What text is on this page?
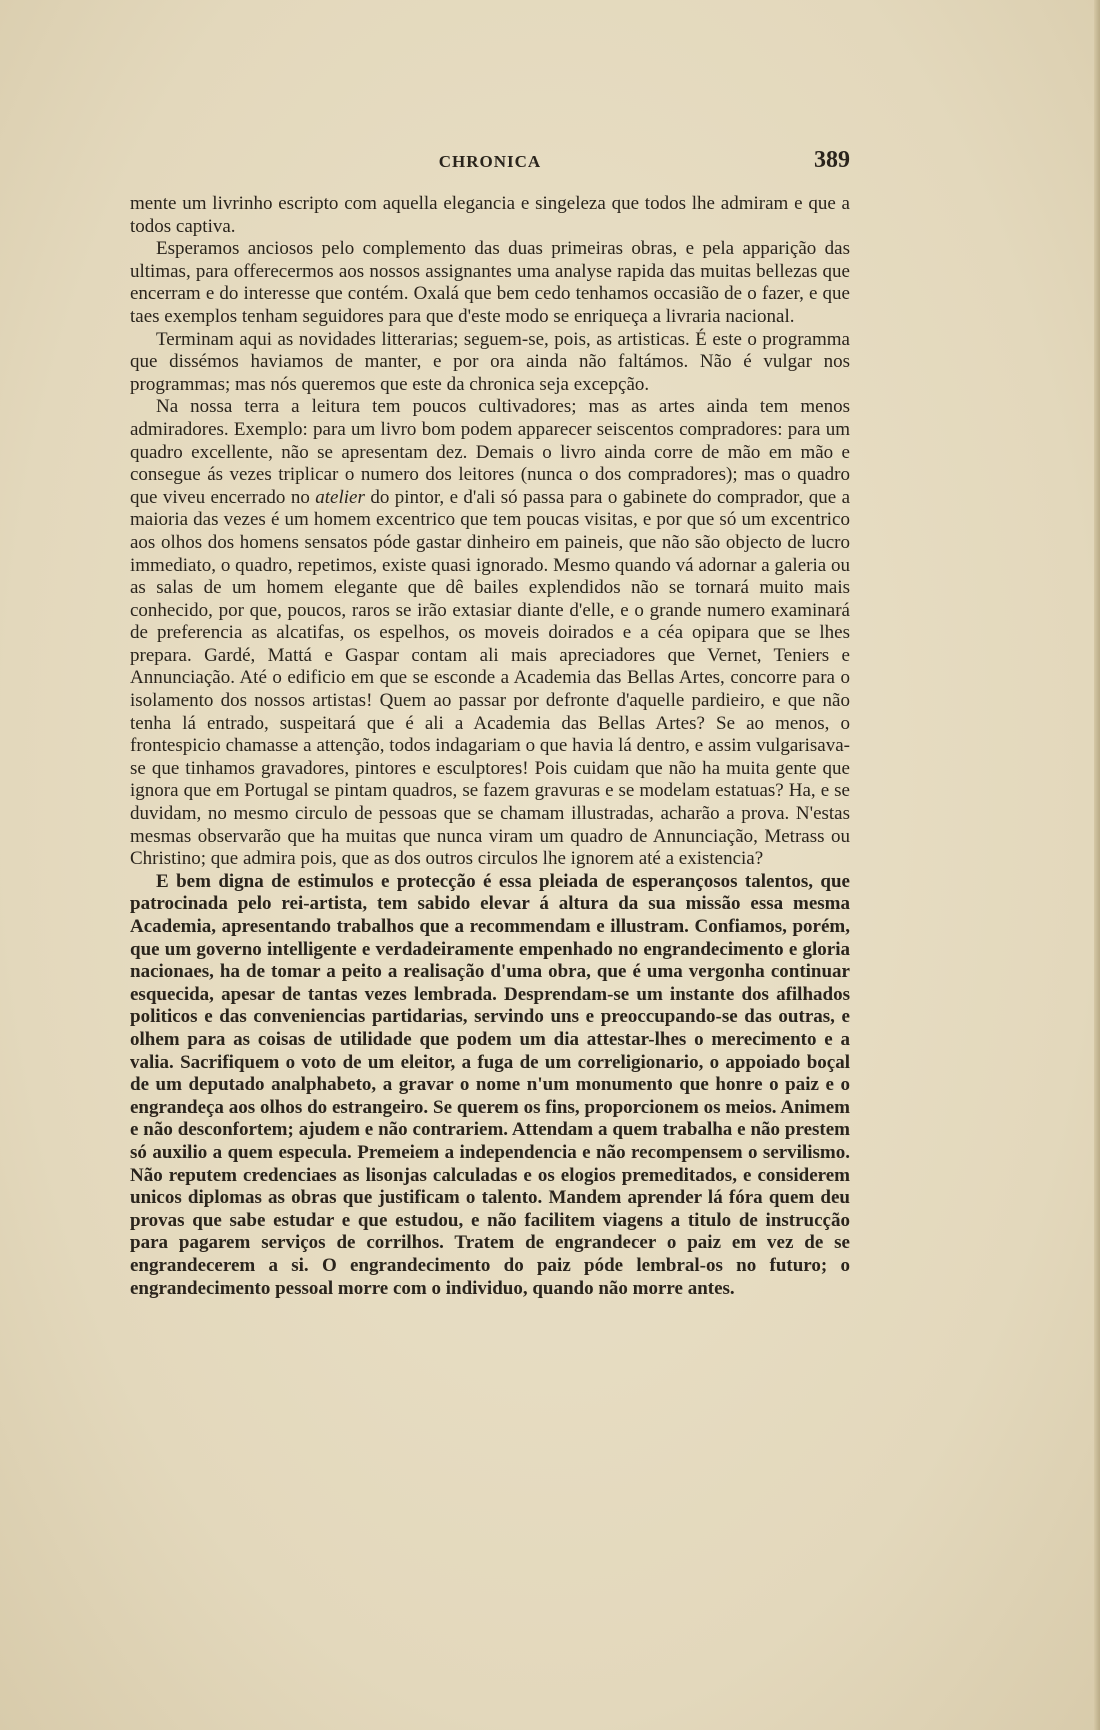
CHRONICA	389

mente um livrinho escripto com aquella elegancia e singeleza que todos lhe admiram e que a todos captiva.

Esperamos anciosos pelo complemento das duas primeiras obras, e pela apparição das ultimas, para offerecermos aos nossos assignantes uma analyse rapida das muitas bellezas que encerram e do interesse que contém. Oxalá que bem cedo tenhamos occasião de o fazer, e que taes exemplos tenham seguidores para que d'este modo se enriqueça a livraria nacional.

Terminam aqui as novidades litterarias; seguem-se, pois, as artisticas. É este o programma que dissémos haviamos de manter, e por ora ainda não faltámos. Não é vulgar nos programmas; mas nós queremos que este da chronica seja excepção.

Na nossa terra a leitura tem poucos cultivadores; mas as artes ainda tem menos admiradores. Exemplo: para um livro bom podem apparecer seiscentos compradores: para um quadro excellente, não se apresentam dez. Demais o livro ainda corre de mão em mão e consegue ás vezes triplicar o numero dos leitores (nunca o dos compradores); mas o quadro que viveu encerrado no atelier do pintor, e d'ali só passa para o gabinete do comprador, que a maioria das vezes é um homem excentrico que tem poucas visitas, e por que só um excentrico aos olhos dos homens sensatos póde gastar dinheiro em paineis, que não são objecto de lucro immediato, o quadro, repetimos, existe quasi ignorado. Mesmo quando vá adornar a galeria ou as salas de um homem elegante que dê bailes explendidos não se tornará muito mais conhecido, por que, poucos, raros se irão extasiar diante d'elle, e o grande numero examinará de preferencia as alcatifas, os espelhos, os moveis doirados e a céa opipara que se lhes prepara. Gardé, Mattá e Gaspar contam ali mais apreciadores que Vernet, Teniers e Annunciação. Até o edificio em que se esconde a Academia das Bellas Artes, concorre para o isolamento dos nossos artistas! Quem ao passar por defronte d'aquelle pardieiro, e que não tenha lá entrado, suspeitará que é ali a Academia das Bellas Artes? Se ao menos, o frontespicio chamasse a attenção, todos indagariam o que havia lá dentro, e assim vulgarisava-se que tinhamos gravadores, pintores e esculptores! Pois cuidam que não ha muita gente que ignora que em Portugal se pintam quadros, se fazem gravuras e se modelam estatuas? Ha, e se duvidam, no mesmo circulo de pessoas que se chamam illustradas, acharão a prova. N'estas mesmas observarão que ha muitas que nunca viram um quadro de Annunciação, Metrass ou Christino; que admira pois, que as dos outros circulos lhe ignorem até a existencia?

E bem digna de estimulos e protecção é essa pleiada de esperançosos talentos, que patrocinada pelo rei-artista, tem sabido elevar á altura da sua missão essa mesma Academia, apresentando trabalhos que a recommendam e illustram. Confiamos, porém, que um governo intelligente e verdadeiramente empenhado no engrandecimento e gloria nacionaes, ha de tomar a peito a realisação d'uma obra, que é uma vergonha continuar esquecida, apesar de tantas vezes lembrada. Desprendam-se um instante dos afilhados politicos e das conveniencias partidarias, servindo uns e preoccupando-se das outras, e olhem para as coisas de utilidade que podem um dia attestar-lhes o merecimento e a valia. Sacrifiquem o voto de um eleitor, a fuga de um correligionario, o appoiado boçal de um deputado analphabeto, a gravar o nome n'um monumento que honre o paiz e o engrandeça aos olhos do estrangeiro. Se querem os fins, proporcionem os meios. Animem e não desconfortem; ajudem e não contrariem. Attendam a quem trabalha e não prestem só auxilio a quem especula. Premeiem a independencia e não recompensem o servilismo. Não reputem credenciaes as lisonjas calculadas e os elogios premeditados, e considerem unicos diplomas as obras que justificam o talento. Mandem aprender lá fóra quem deu provas que sabe estudar e que estudou, e não facilitem viagens a titulo de instrucção para pagarem serviços de corrilhos. Tratem de engrandecer o paiz em vez de se engrandecerem a si. O engrandecimento do paiz póde lembral-os no futuro; o engrandecimento pessoal morre com o individuo, quando não morre antes.
